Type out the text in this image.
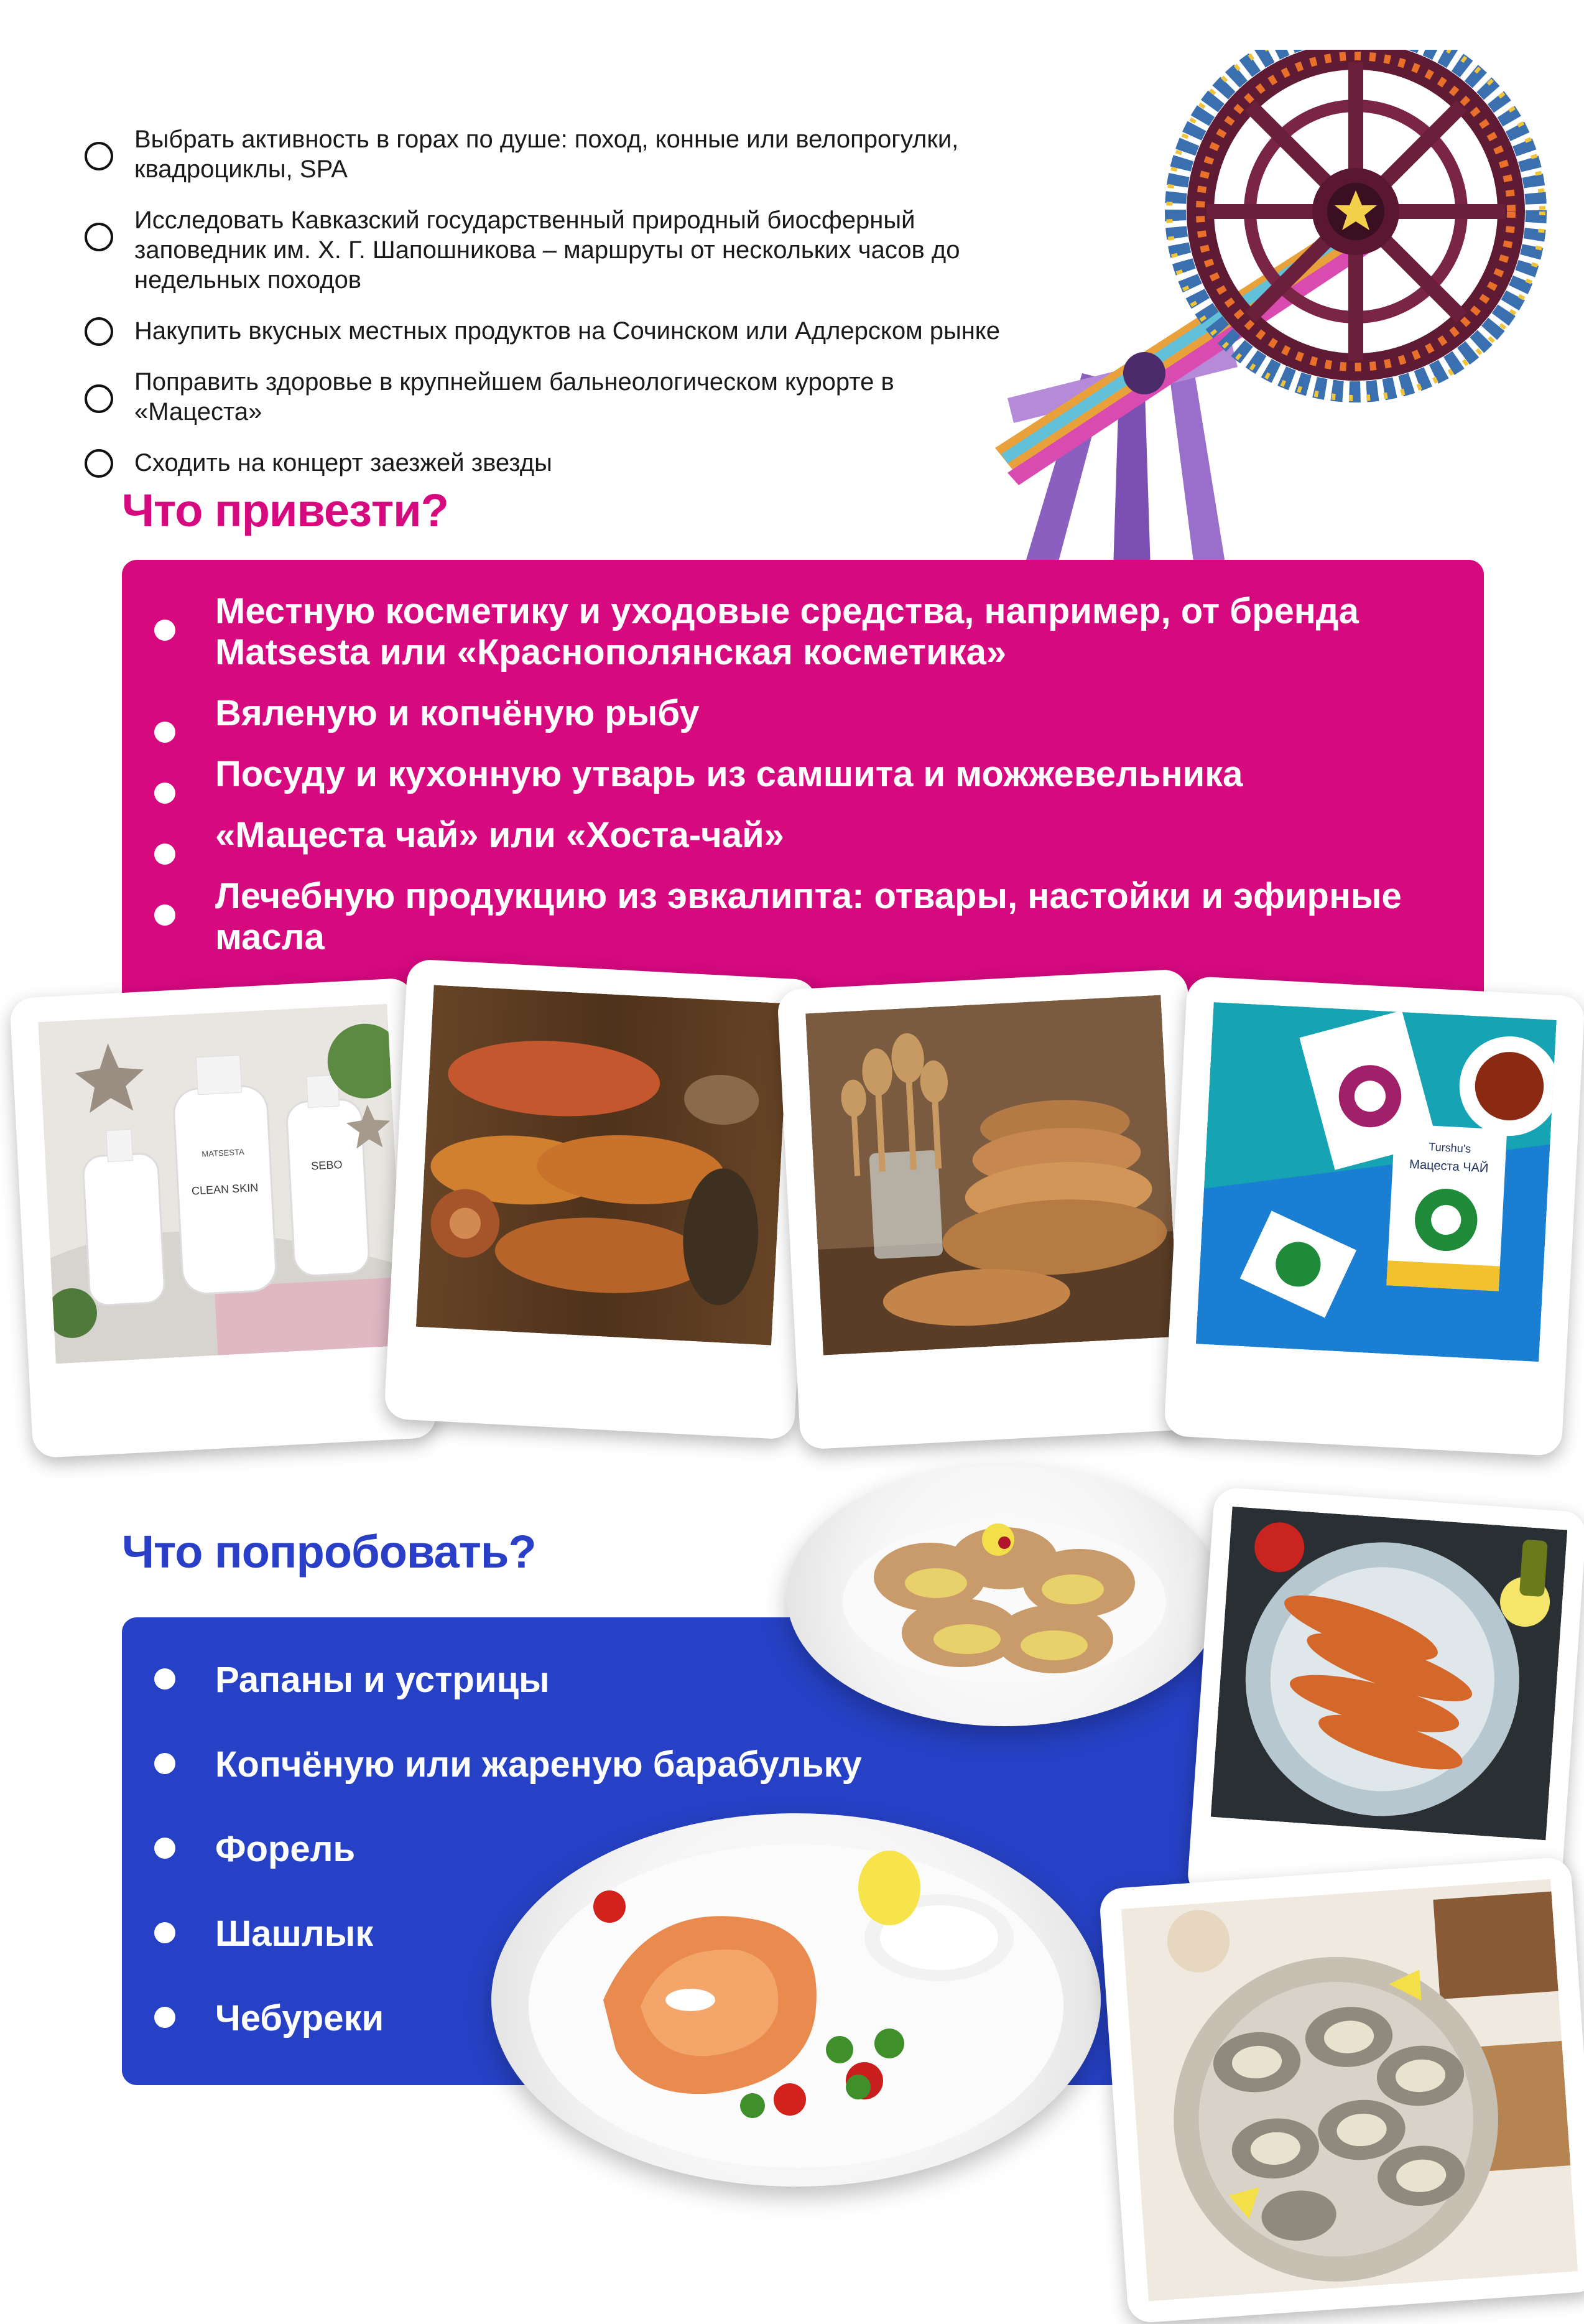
Выбрать активность в горах по душе: поход, конные или велопрогулки, квадроциклы, SPA
Исследовать Кавказский государственный природный биосферный заповедник им. Х. Г. Шапошникова – маршруты от нескольких часов до недельных походов
Накупить вкусных местных продуктов на Сочинском или Адлерском рынке
Поправить здоровье в крупнейшем бальнеологическом курорте в «Мацеста»
Сходить на концерт заезжей звезды
Что привезти?
Местную косметику и уходовые средства, например, от бренда Matsesta или «Краснополянская косметика»
Вяленую и копчёную рыбу
Посуду и кухонную утварь из самшита и можжевельника
«Мацеста чай» или «Хоста-чай»
Лечебную продукцию из эвкалипта: отвары, настойки и эфирные масла
MATSESTA
CLEAN SKIN
SEBO
Turshu's
Мацеста ЧАЙ
Что попробовать?
Рапаны и устрицы
Копчёную или жареную барабульку
Форель
Шашлык
Чебуреки
